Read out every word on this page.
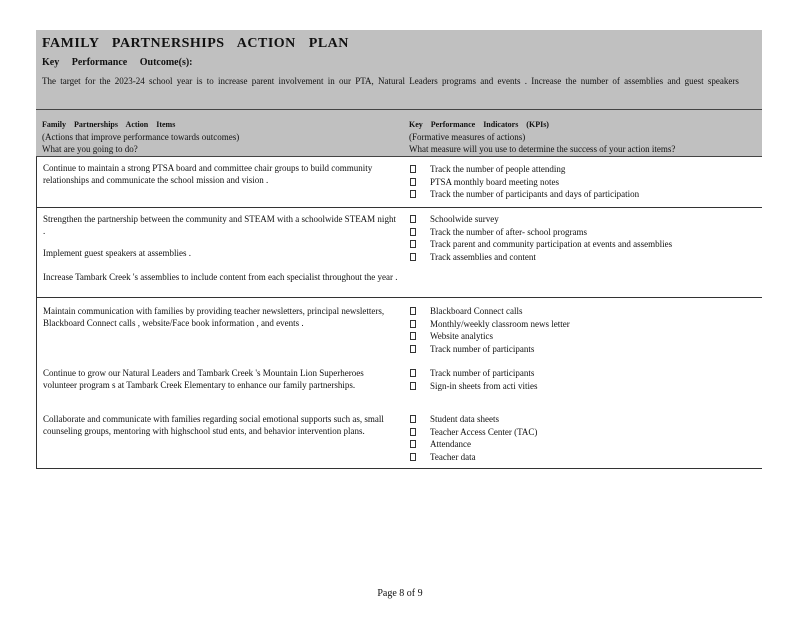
FAMILY PARTNERSHIPS ACTION PLAN
Key Performance Outcome(s):
The target for the 2023-24 school year is to increase parent involvement in our PTA, Natural Leaders programs and events . Increase the number of assemblies and guest speakers
Family Partnerships Action Items
(Actions that improve performance towards outcomes)
What are you going to do?
Key Performance Indicators (KPIs)
(Formative measures of actions)
What measure will you use to determine the success of your action items?
Continue to maintain a strong PTSA board and committee chair groups to build community relationships and communicate the school mission and vision .
Track the number of people attending
PTSA monthly board meeting notes
Track the number of participants and days of participation
Strengthen the partnership between the community and STEAM with a schoolwide STEAM night .
Implement guest speakers at assemblies .
Increase Tambark Creek 's assemblies to include content from each specialist throughout the year .
Schoolwide survey
Track the number of after- school programs
Track parent and community participation at events and assemblies
Track assemblies and content
Maintain communication with families by providing teacher newsletters, principal newsletters, Blackboard Connect calls , website/Face book information , and events .
Continue to grow our Natural Leaders and Tambark Creek 's Mountain Lion Superheroes volunteer program s at Tambark Creek Elementary to enhance our family partnerships.
Collaborate and communicate with families regarding social emotional supports such as, small counseling groups, mentoring with highschool stud ents, and behavior intervention plans.
Blackboard Connect calls
Monthly/weekly classroom news letter
Website analytics
Track number of participants
Track number of participants
Sign-in sheets from acti vities
Student data sheets
Teacher Access Center (TAC)
Attendance
Teacher data
Page 8 of 9
